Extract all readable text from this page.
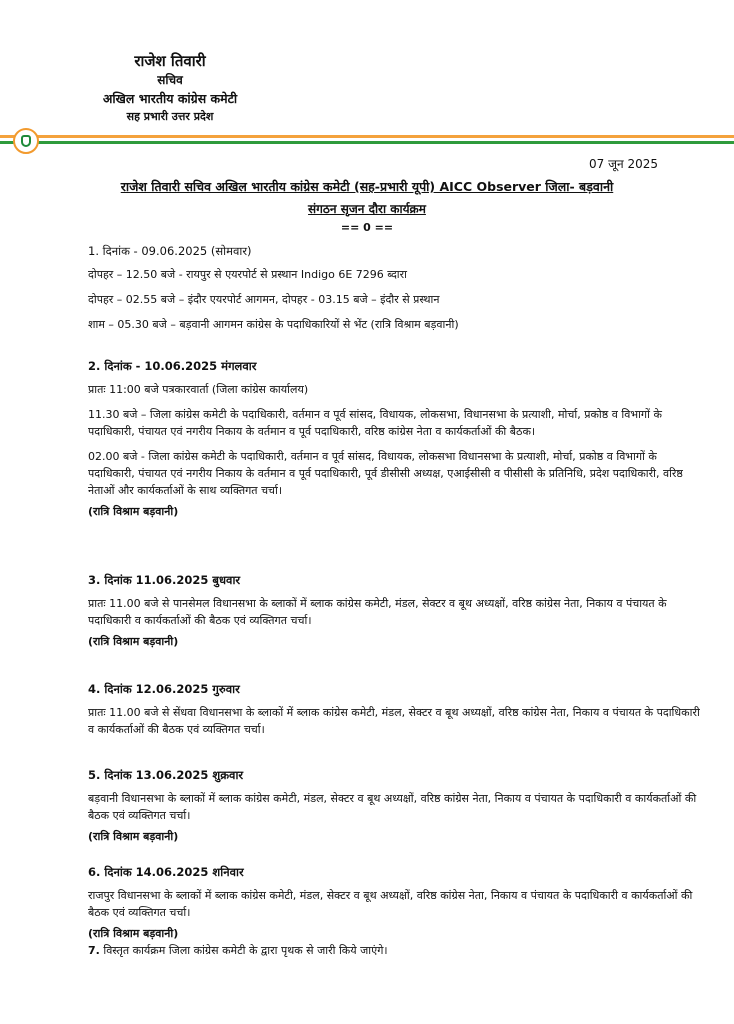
राजेश तिवारी
सचिव
अखिल भारतीय कांग्रेस कमेटी
सह प्रभारी उत्तर प्रदेश
07 जून 2025
राजेश तिवारी सचिव अखिल भारतीय कांग्रेस कमेटी (सह-प्रभारी यूपी) AICC Observer जिला- बड़वानी
संगठन सृजन दौरा कार्यक्रम
== 0 ==
1. दिनांक - 09.06.2025 (सोमवार)
दोपहर – 12.50 बजे - रायपुर से एयरपोर्ट से प्रस्थान Indigo 6E 7296 ब्दारा
दोपहर – 02.55 बजे – इंदौर एयरपोर्ट आगमन, दोपहर - 03.15 बजे – इंदौर से प्रस्थान
शाम – 05.30 बजे – बड़वानी आगमन कांग्रेस के पदाधिकारियों से भेंट (रात्रि विश्राम बड़वानी)
2. दिनांक - 10.06.2025 मंगलवार
प्रातः 11:00 बजे पत्रकारवार्ता (जिला कांग्रेस कार्यालय)
11.30 बजे – जिला कांग्रेस कमेटी के पदाधिकारी, वर्तमान व पूर्व सांसद, विधायक, लोकसभा, विधानसभा के प्रत्याशी, मोर्चा, प्रकोष्ठ व विभागों के पदाधिकारी, पंचायत एवं नगरीय निकाय के वर्तमान व पूर्व पदाधिकारी, वरिष्ठ कांग्रेस नेता व कार्यकर्ताओं की बैठक।
02.00 बजे - जिला कांग्रेस कमेटी के पदाधिकारी, वर्तमान व पूर्व सांसद, विधायक, लोकसभा विधानसभा के प्रत्याशी, मोर्चा, प्रकोष्ठ व विभागों के पदाधिकारी, पंचायत एवं नगरीय निकाय के वर्तमान व पूर्व पदाधिकारी, पूर्व डीसीसी अध्यक्ष, एआईसीसी व पीसीसी के प्रतिनिधि, प्रदेश पदाधिकारी, वरिष्ठ नेताओं और कार्यकर्ताओं के साथ व्यक्तिगत चर्चा।
(रात्रि विश्राम बड़वानी)
3. दिनांक 11.06.2025 बुधवार
प्रातः 11.00 बजे से पानसेमल विधानसभा के ब्लाकों में ब्लाक कांग्रेस कमेटी, मंडल, सेक्टर व बूथ अध्यक्षों, वरिष्ठ कांग्रेस नेता, निकाय व पंचायत के पदाधिकारी व कार्यकर्ताओं की बैठक एवं व्यक्तिगत चर्चा।
(रात्रि विश्राम बड़वानी)
4. दिनांक 12.06.2025 गुरुवार
प्रातः 11.00 बजे से सेंधवा विधानसभा के ब्लाकों में ब्लाक कांग्रेस कमेटी, मंडल, सेक्टर व बूथ अध्यक्षों, वरिष्ठ कांग्रेस नेता, निकाय व पंचायत के पदाधिकारी व कार्यकर्ताओं की बैठक एवं व्यक्तिगत चर्चा।
5. दिनांक 13.06.2025 शुक्रवार
बड़वानी विधानसभा के ब्लाकों में ब्लाक कांग्रेस कमेटी, मंडल, सेक्टर व बूथ अध्यक्षों, वरिष्ठ कांग्रेस नेता, निकाय व पंचायत के पदाधिकारी व कार्यकर्ताओं की बैठक एवं व्यक्तिगत चर्चा।
(रात्रि विश्राम बड़वानी)
6. दिनांक 14.06.2025 शनिवार
राजपुर विधानसभा के ब्लाकों में ब्लाक कांग्रेस कमेटी, मंडल, सेक्टर व बूथ अध्यक्षों, वरिष्ठ कांग्रेस नेता, निकाय व पंचायत के पदाधिकारी व कार्यकर्ताओं की बैठक एवं व्यक्तिगत चर्चा।
(रात्रि विश्राम बड़वानी)
7. विस्तृत कार्यक्रम जिला कांग्रेस कमेटी के द्वारा पृथक से जारी किये जाएंगे।
